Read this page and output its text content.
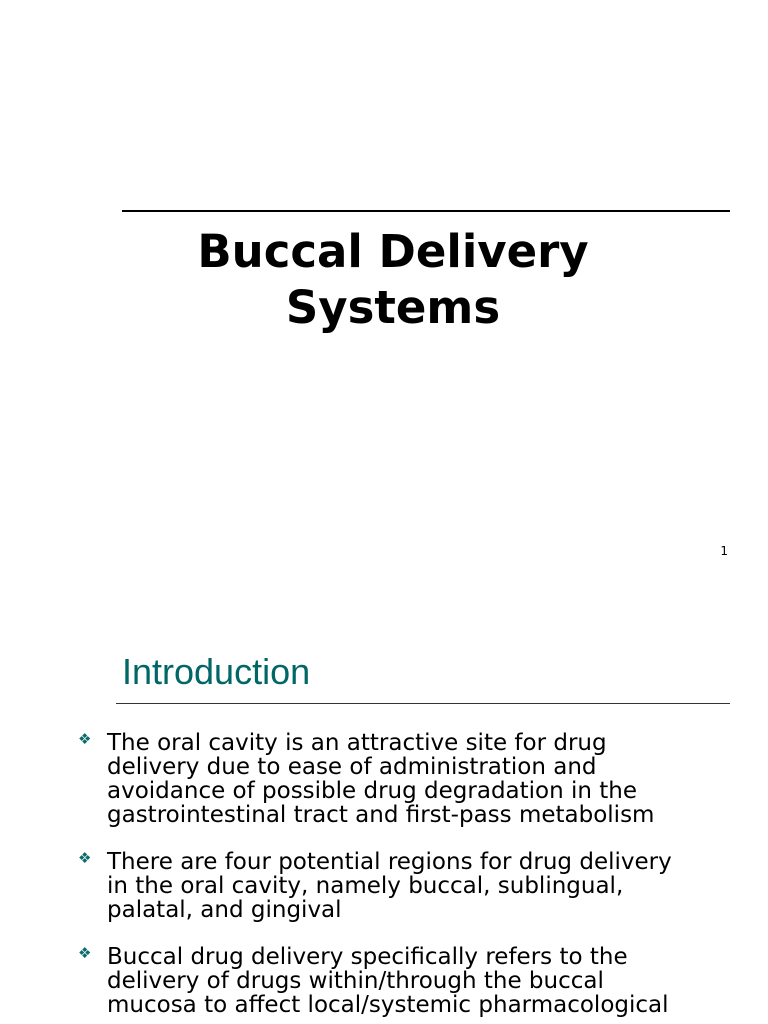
Buccal Delivery
Systems
1
Introduction
❖ The oral cavity is an attractive site for drug
delivery due to ease of administration and
avoidance of possible drug degradation in the
gastrointestinal tract and first-pass metabolism
❖ There are four potential regions for drug delivery
in the oral cavity, namely buccal, sublingual,
palatal, and gingival
❖ Buccal drug delivery specifically refers to the
delivery of drugs within/through the buccal
mucosa to affect local/systemic pharmacological
